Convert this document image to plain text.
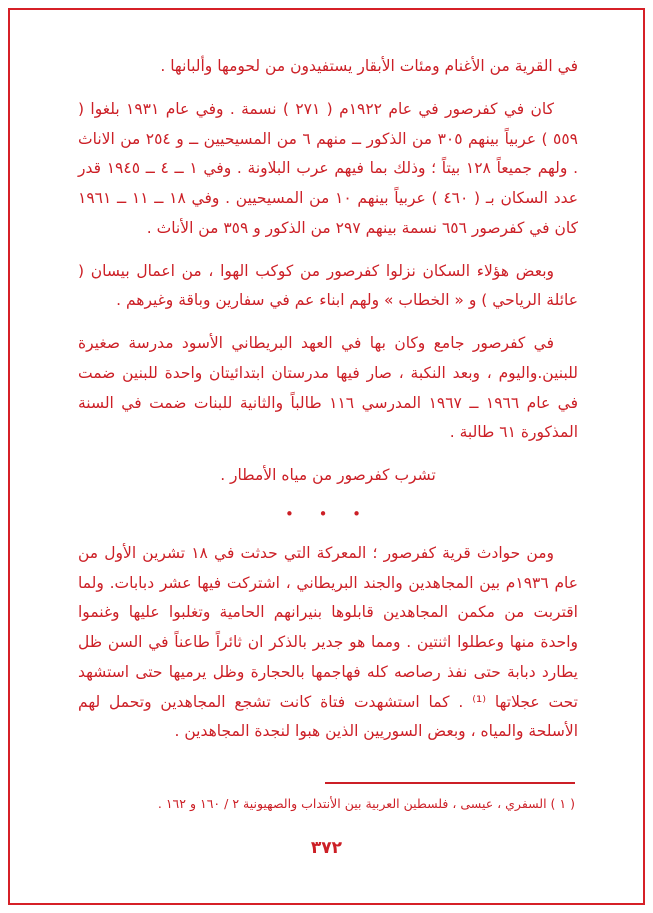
في القرية من الأغنام ومئات الأبقار يستفيدون من لحومها وألبانها .

كان في كفرصور في عام ١٩٢٢م ( ٢٧١ ) نسمة . وفي عام ١٩٣١ بلغوا ( ٥٥٩ ) عربياً بينهم ٣٠٥ من الذكور ــ منهم ٦ من المسيحيين ــ و ٢٥٤ من الاناث . ولهم جميعاً ١٢٨ بيتاً ؛ وذلك بما فيهم عرب البلاونة . وفي ١ ــ ٤ ــ ١٩٤٥ قدر عدد السكان بـ ( ٤٦٠ ) عربياً بينهم ١٠ من المسيحيين . وفي ١٨ ــ ١١ ــ ١٩٦١ كان في كفرصور ٦٥٦ نسمة بينهم ٢٩٧ من الذكور و ٣٥٩ من الأناث .

وبعض هؤلاء السكان نزلوا كفرصور من كوكب الهوا ، من اعمال بيسان ( عائلة الرياحي ) و « الخطاب » ولهم ابناء عم في سفارين وباقة وغيرهم .

في كفرصور جامع وكان بها في العهد البريطاني الأسود مدرسة صغيرة للبنين.واليوم ، وبعد النكبة ، صار فيها مدرستان ابتدائيتان واحدة للبنين ضمت في عام ١٩٦٦ ــ ١٩٦٧ المدرسي ١١٦ طالباً والثانية للبنات ضمت في السنة المذكورة ٦١ طالبة .

تشرب كفرصور من مياه الأمطار .

• • •

ومن حوادث قرية كفرصور ؛ المعركة التي حدثت في ١٨ تشرين الأول من عام ١٩٣٦م بين المجاهدين والجند البريطاني ، اشتركت فيها عشر دبابات. ولما اقتربت من مكمن المجاهدين قابلوها بنيرانهم الحامية وتغلبوا عليها وغنموا واحدة منها وعطلوا اثنتين . ومما هو جدير بالذكر ان ثائراً طاعناً في السن ظل يطارد دبابة حتى نفذ رصاصه كله فهاجمها بالحجارة وظل يرميها حتى استشهد تحت عجلاتها ⁽¹⁾ . كما استشهدت فتاة كانت تشجع المجاهدين وتحمل لهم الأسلحة والمياه ، وبعض السوريين الذين هبوا لنجدة المجاهدين .

( ١ ) السفري ، عيسى ، فلسطين العربية بين الأنتداب والصهيونية ٢ / ١٦٠ و ١٦٢ .
٣٧٢
